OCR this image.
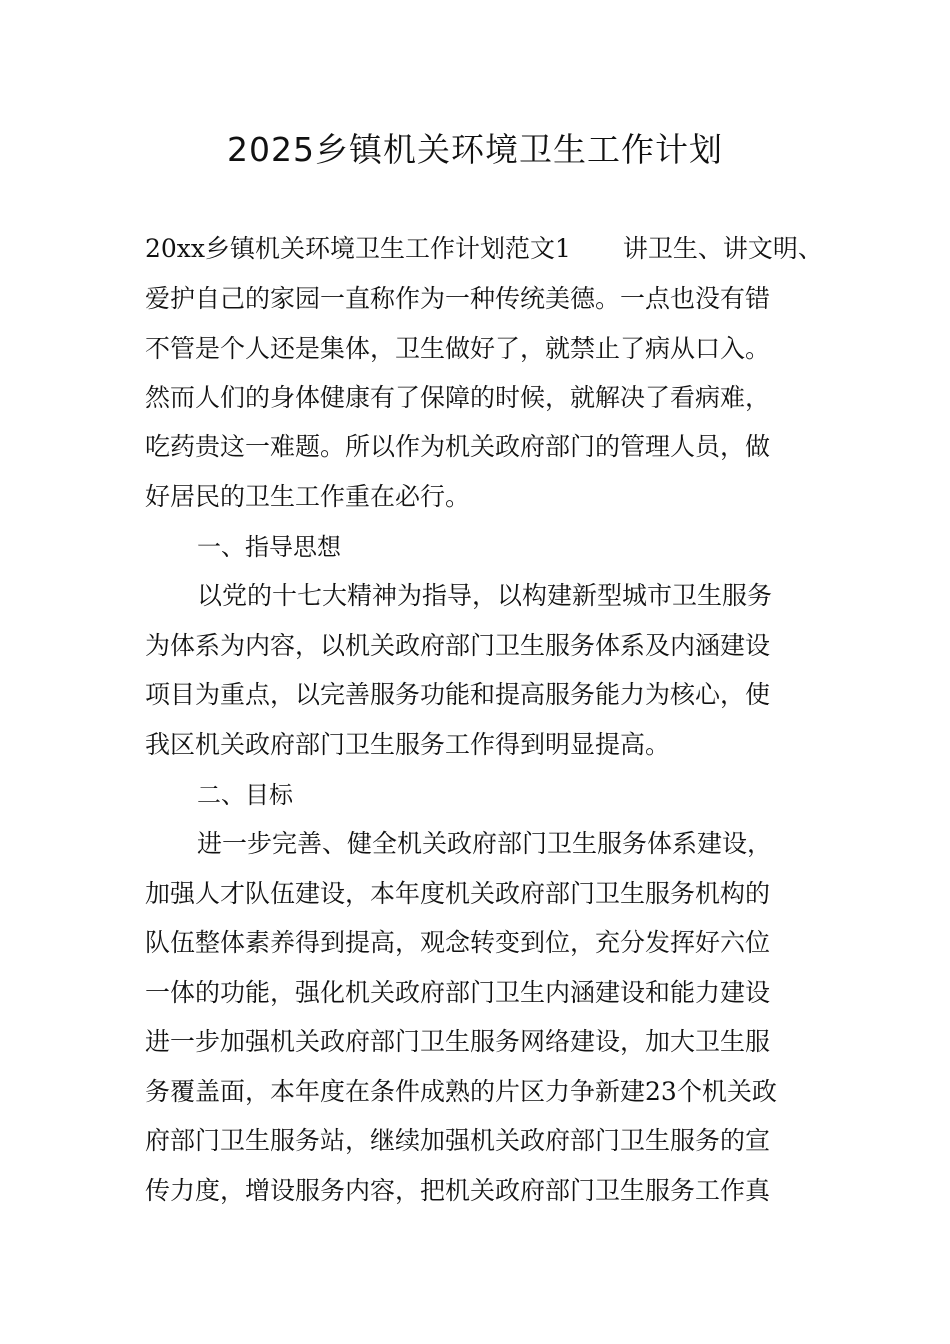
2025乡镇机关环境卫生工作计划
20xx乡镇机关环境卫生工作计划范文1 讲卫生、讲文明、
爱护自己的家园一直称作为一种传统美德。一点也没有错
不管是个人还是集体，卫生做好了，就禁止了病从口入。
然而人们的身体健康有了保障的时候，就解决了看病难，
吃药贵这一难题。所以作为机关政府部门的管理人员，做
好居民的卫生工作重在必行。
一、指导思想
以党的十七大精神为指导，以构建新型城市卫生服务
为体系为内容，以机关政府部门卫生服务体系及内涵建设
项目为重点，以完善服务功能和提高服务能力为核心，使
我区机关政府部门卫生服务工作得到明显提高。
二、目标
进一步完善、健全机关政府部门卫生服务体系建设，
加强人才队伍建设，本年度机关政府部门卫生服务机构的
队伍整体素养得到提高，观念转变到位，充分发挥好六位
一体的功能，强化机关政府部门卫生内涵建设和能力建设
进一步加强机关政府部门卫生服务网络建设，加大卫生服
务覆盖面，本年度在条件成熟的片区力争新建23个机关政
府部门卫生服务站，继续加强机关政府部门卫生服务的宣
传力度，增设服务内容，把机关政府部门卫生服务工作真
